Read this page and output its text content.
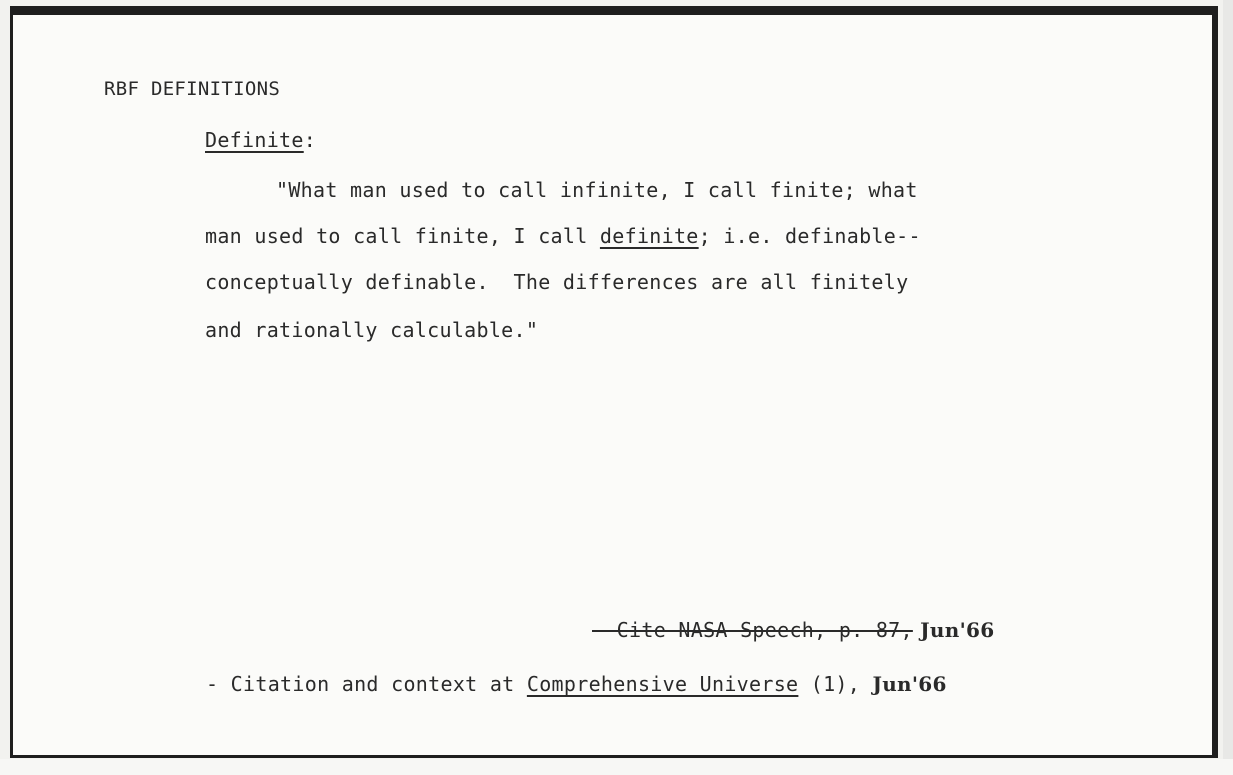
RBF DEFINITIONS
Definite:
"What man used to call infinite, I call finite; what
man used to call finite, I call definite; i.e. definable--
conceptually definable.  The differences are all finitely
and rationally calculable."
- Cite NASA Speech, p. 87, Jun'66
- Citation and context at Comprehensive Universe (1), Jun'66
